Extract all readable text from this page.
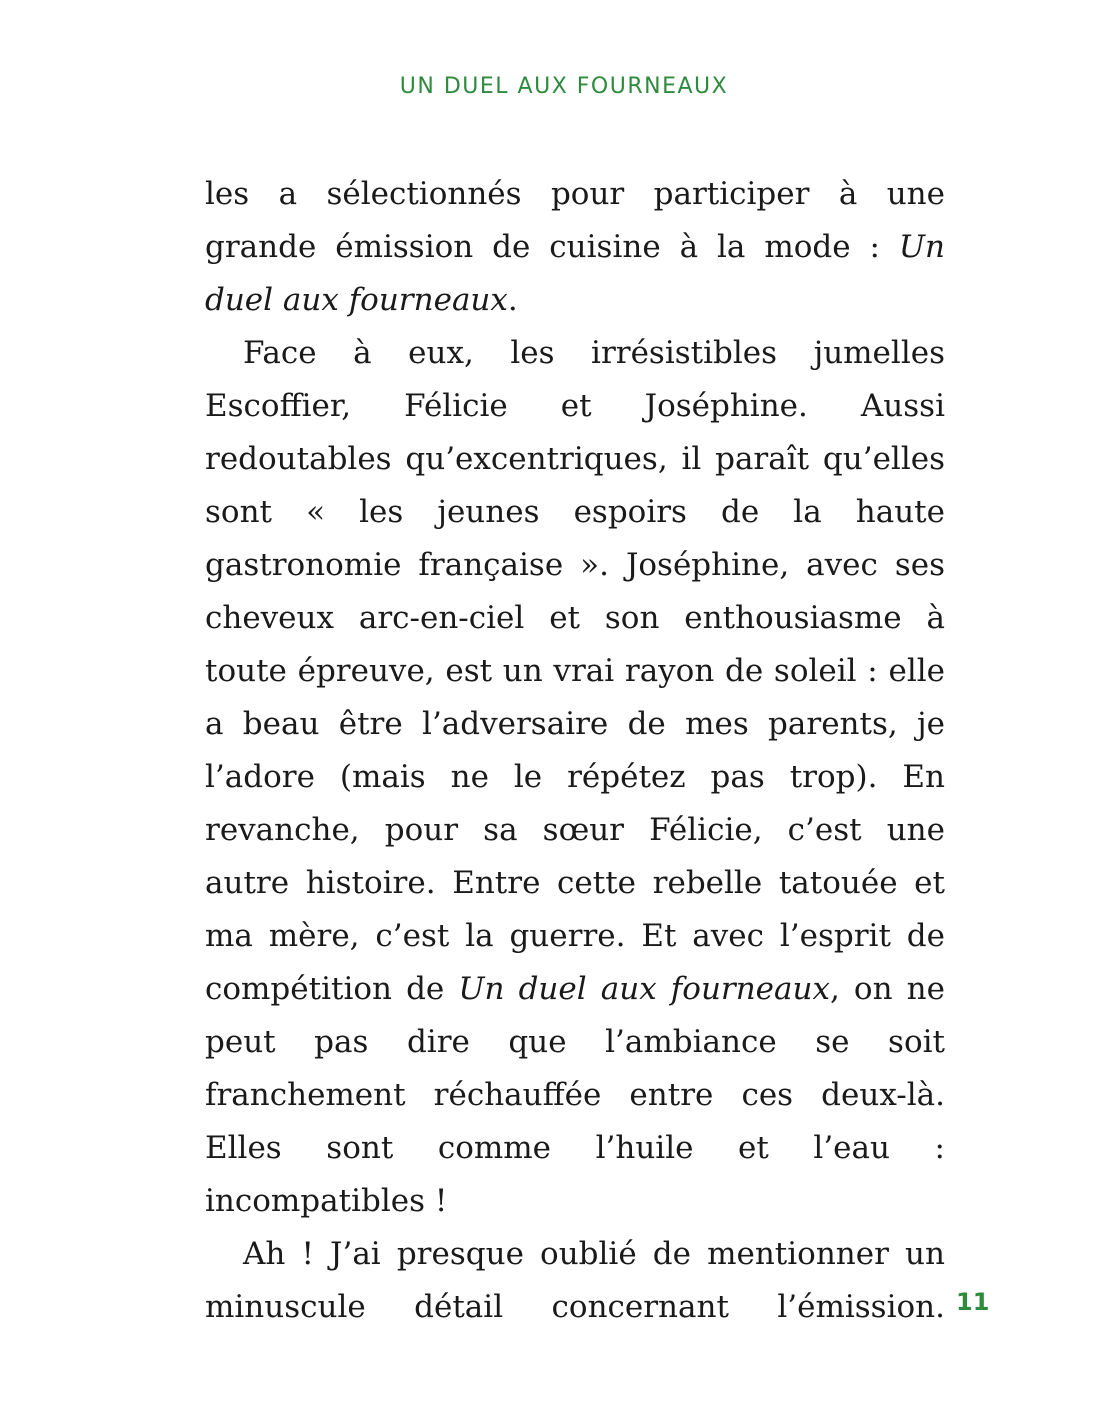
UN DUEL AUX FOURNEAUX

les a sélectionnés pour participer à une grande émission de cuisine à la mode : Un duel aux fourneaux.

Face à eux, les irrésistibles jumelles Escoffier, Félicie et Joséphine. Aussi redoutables qu’excentriques, il paraît qu’elles sont « les jeunes espoirs de la haute gastronomie française ». Joséphine, avec ses cheveux arc-en-ciel et son enthousiasme à toute épreuve, est un vrai rayon de soleil : elle a beau être l’adversaire de mes parents, je l’adore (mais ne le répétez pas trop). En revanche, pour sa sœur Félicie, c’est une autre histoire. Entre cette rebelle tatouée et ma mère, c’est la guerre. Et avec l’esprit de compétition de Un duel aux fourneaux, on ne peut pas dire que l’ambiance se soit franchement réchauffée entre ces deux-là. Elles sont comme l’huile et l’eau : incompatibles !

Ah ! J’ai presque oublié de mentionner un minuscule détail concernant l’émission. 11
